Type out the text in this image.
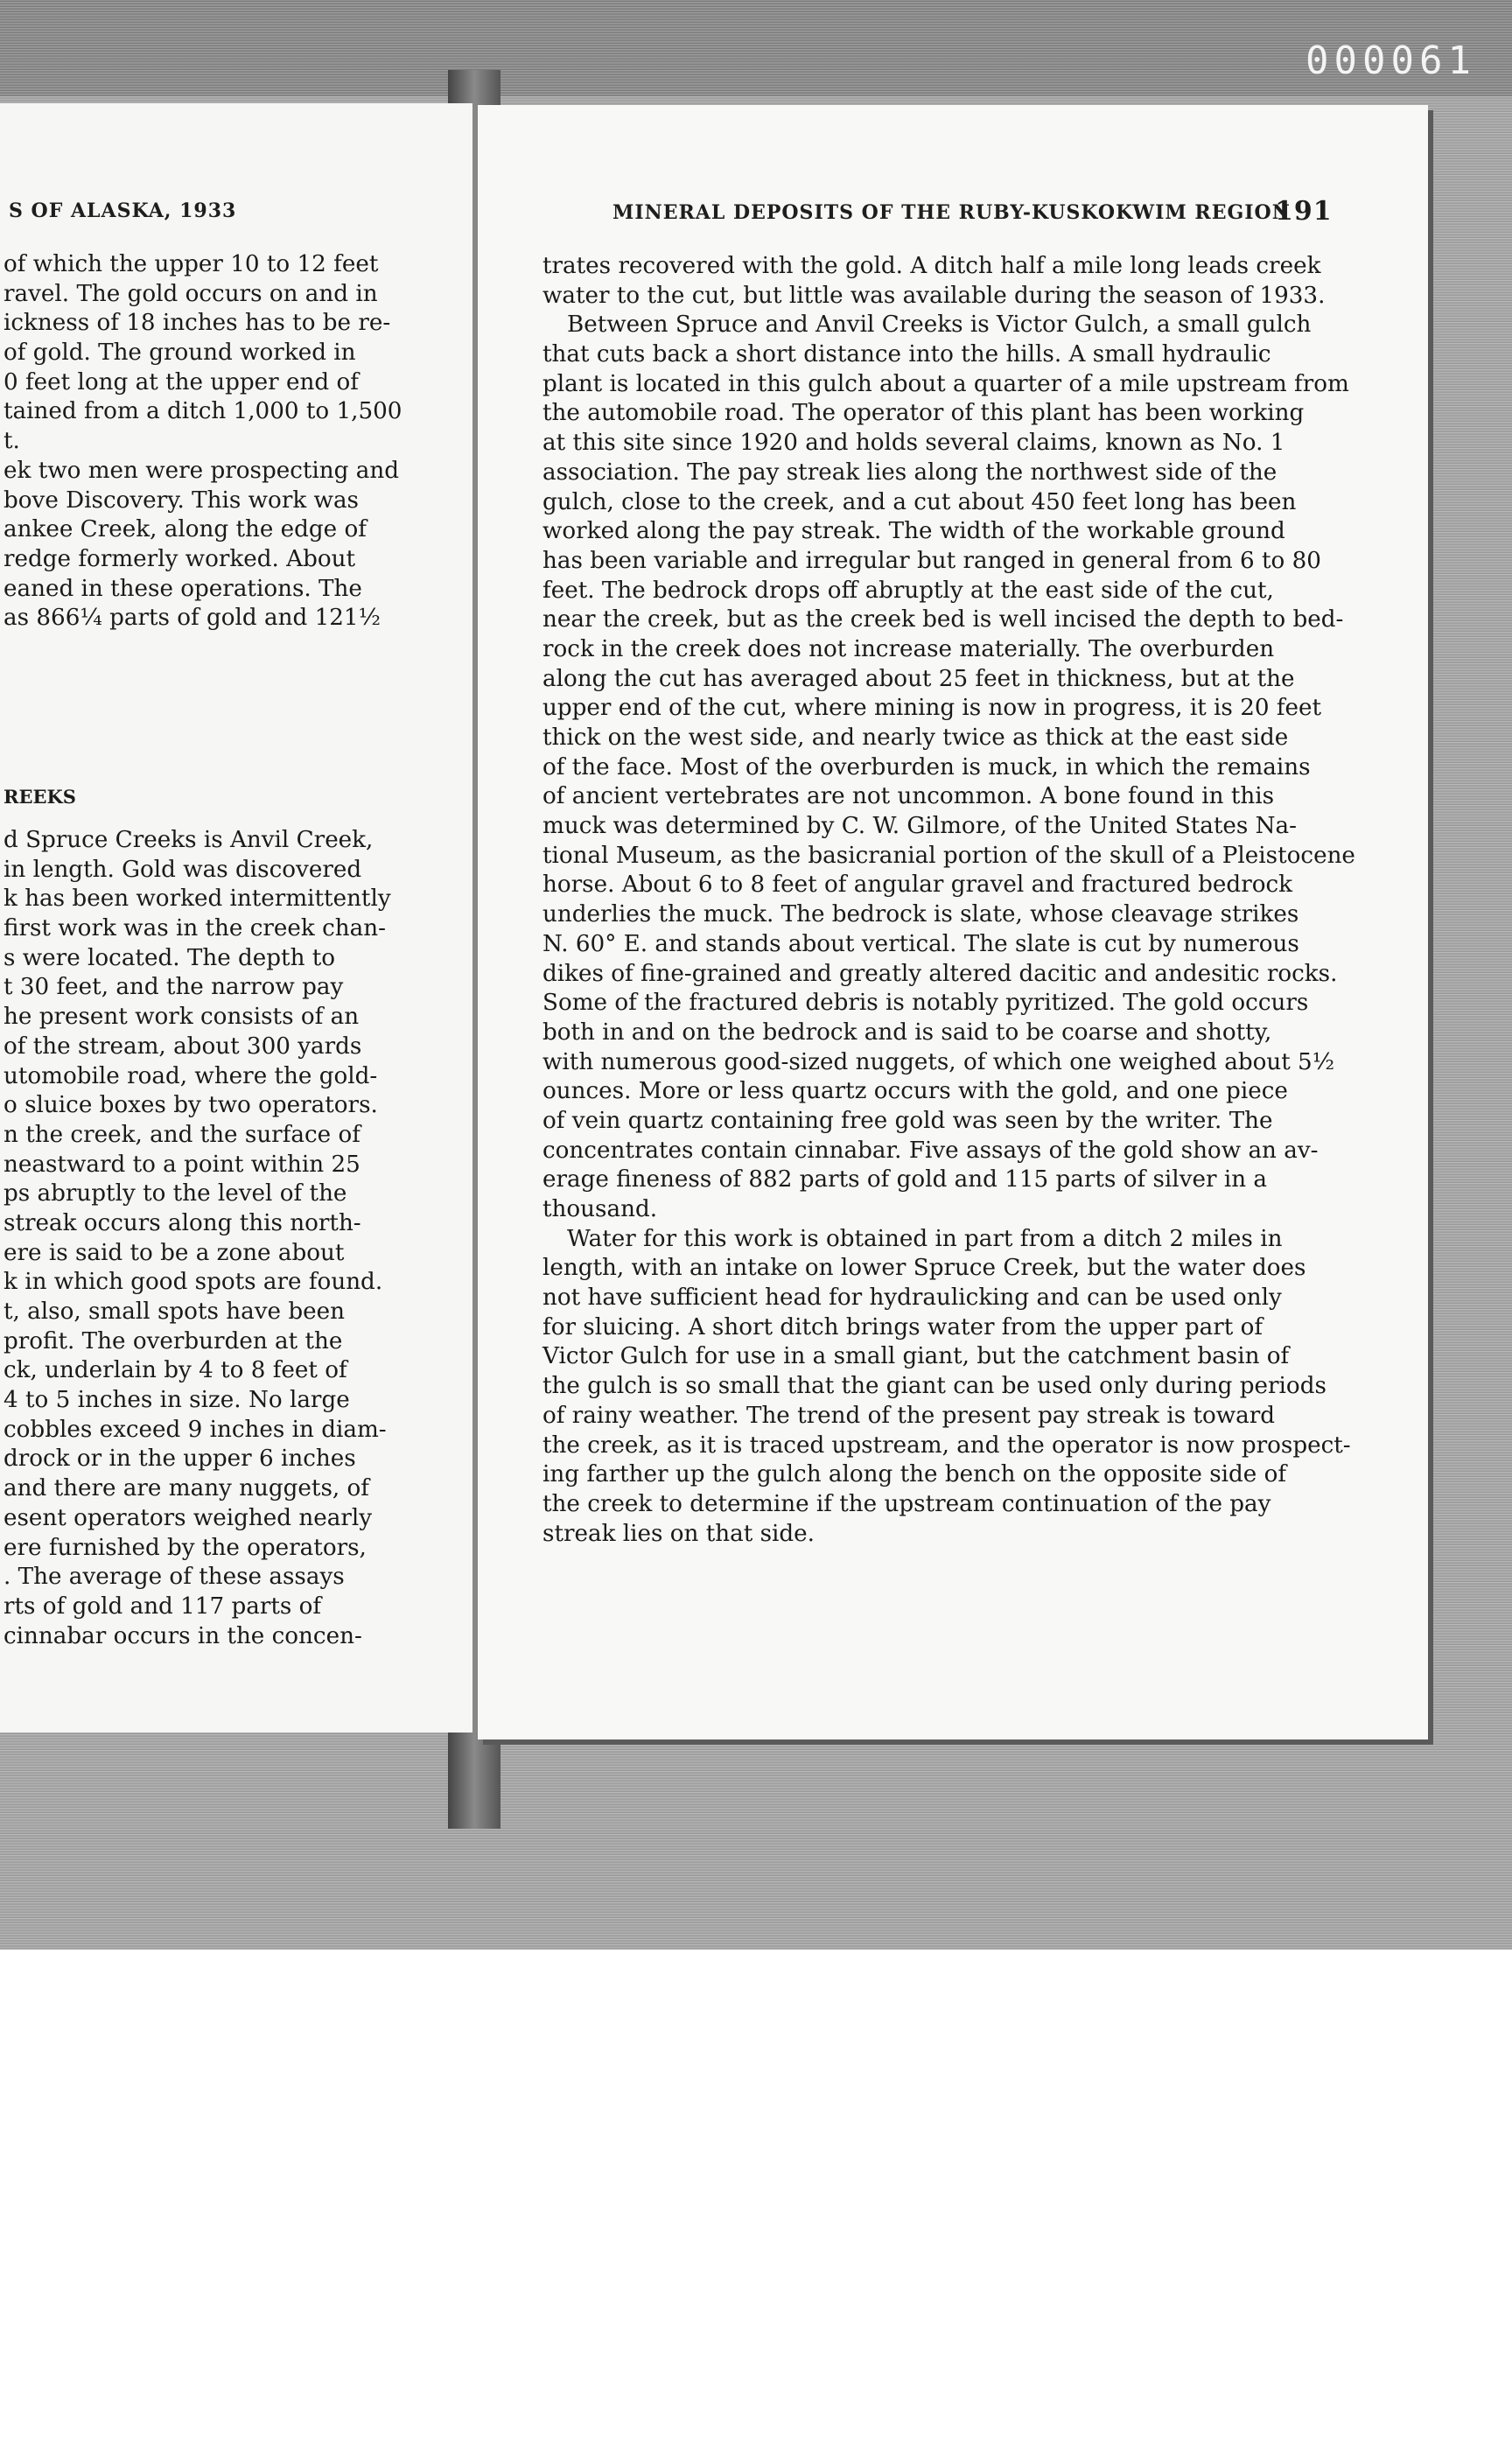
000061
S OF ALASKA, 1933
of which the upper 10 to 12 feet
ravel. The gold occurs on and in
ickness of 18 inches has to be re-
of gold. The ground worked in
0 feet long at the upper end of
tained from a ditch 1,000 to 1,500
t.
ek two men were prospecting and
bove Discovery. This work was
ankee Creek, along the edge of
redge formerly worked. About
eaned in these operations. The
as 866¼ parts of gold and 121½
REEKS
d Spruce Creeks is Anvil Creek,
in length. Gold was discovered
k has been worked intermittently
first work was in the creek chan-
s were located. The depth to
t 30 feet, and the narrow pay
he present work consists of an
of the stream, about 300 yards
utomobile road, where the gold-
o sluice boxes by two operators.
n the creek, and the surface of
neastward to a point within 25
ps abruptly to the level of the
streak occurs along this north-
ere is said to be a zone about
k in which good spots are found.
t, also, small spots have been
profit. The overburden at the
ck, underlain by 4 to 8 feet of
4 to 5 inches in size. No large
cobbles exceed 9 inches in diam-
drock or in the upper 6 inches
and there are many nuggets, of
esent operators weighed nearly
ere furnished by the operators,
. The average of these assays
rts of gold and 117 parts of
cinnabar occurs in the concen-
MINERAL DEPOSITS OF THE RUBY-KUSKOKWIM REGION
191
trates recovered with the gold. A ditch half a mile long leads creek
water to the cut, but little was available during the season of 1933.
Between Spruce and Anvil Creeks is Victor Gulch, a small gulch
that cuts back a short distance into the hills. A small hydraulic
plant is located in this gulch about a quarter of a mile upstream from
the automobile road. The operator of this plant has been working
at this site since 1920 and holds several claims, known as No. 1
association. The pay streak lies along the northwest side of the
gulch, close to the creek, and a cut about 450 feet long has been
worked along the pay streak. The width of the workable ground
has been variable and irregular but ranged in general from 6 to 80
feet. The bedrock drops off abruptly at the east side of the cut,
near the creek, but as the creek bed is well incised the depth to bed-
rock in the creek does not increase materially. The overburden
along the cut has averaged about 25 feet in thickness, but at the
upper end of the cut, where mining is now in progress, it is 20 feet
thick on the west side, and nearly twice as thick at the east side
of the face. Most of the overburden is muck, in which the remains
of ancient vertebrates are not uncommon. A bone found in this
muck was determined by C. W. Gilmore, of the United States Na-
tional Museum, as the basicranial portion of the skull of a Pleistocene
horse. About 6 to 8 feet of angular gravel and fractured bedrock
underlies the muck. The bedrock is slate, whose cleavage strikes
N. 60° E. and stands about vertical. The slate is cut by numerous
dikes of fine-grained and greatly altered dacitic and andesitic rocks.
Some of the fractured debris is notably pyritized. The gold occurs
both in and on the bedrock and is said to be coarse and shotty,
with numerous good-sized nuggets, of which one weighed about 5½
ounces. More or less quartz occurs with the gold, and one piece
of vein quartz containing free gold was seen by the writer. The
concentrates contain cinnabar. Five assays of the gold show an av-
erage fineness of 882 parts of gold and 115 parts of silver in a
thousand.
Water for this work is obtained in part from a ditch 2 miles in
length, with an intake on lower Spruce Creek, but the water does
not have sufficient head for hydraulicking and can be used only
for sluicing. A short ditch brings water from the upper part of
Victor Gulch for use in a small giant, but the catchment basin of
the gulch is so small that the giant can be used only during periods
of rainy weather. The trend of the present pay streak is toward
the creek, as it is traced upstream, and the operator is now prospect-
ing farther up the gulch along the bench on the opposite side of
the creek to determine if the upstream continuation of the pay
streak lies on that side.
